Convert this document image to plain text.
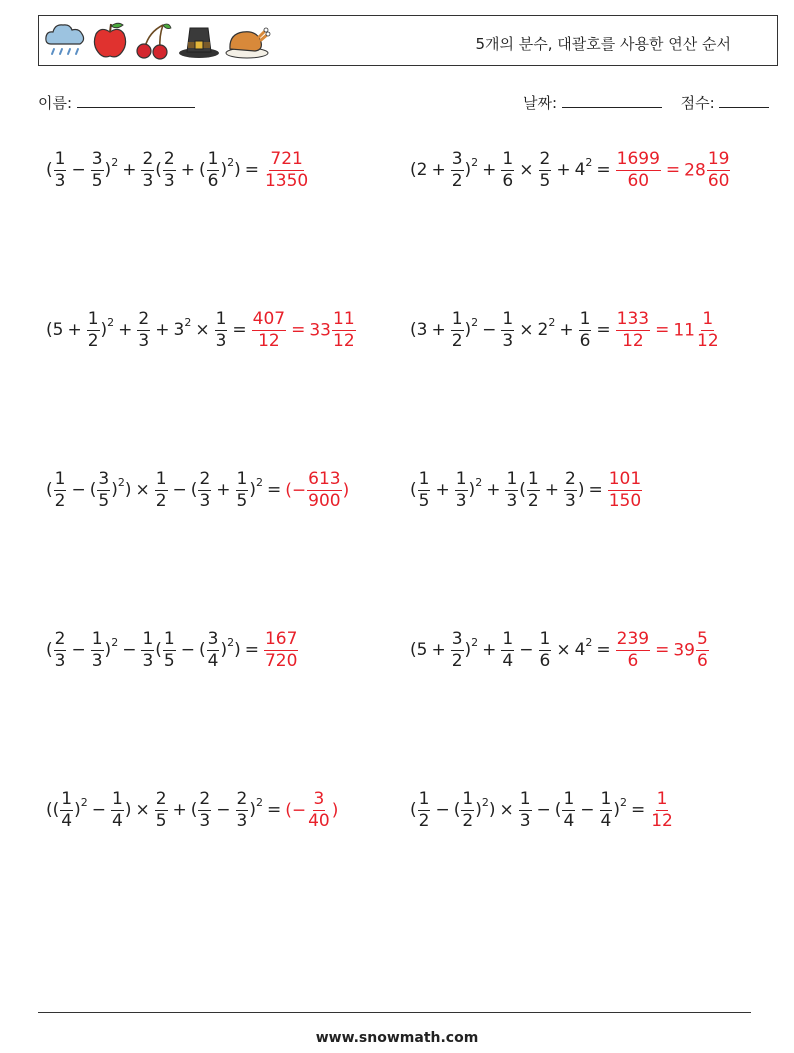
5개의 분수, 대괄호를 사용한 연산 순서
이름:	날짜:	점수:
( $\frac{1}{3} - \frac{3}{5} )^2 + \frac{2}{3}$ ( $\frac{2}{3}$ + ( $\frac{1}{6} )^2$ ) = $\frac{721}{1350}$	$(2 + \frac{3}{2} )^2 + \frac{1}{6} \times \frac{2}{5} + 4^2 = \frac{1699}{60} = 28 \frac{19}{60}$
$(5 + \frac{1}{2} )^2 + \frac{2}{3} + 3^2 \times \frac{1}{3} = \frac{407}{12} = 33 \frac{11}{12}$	$(3 + \frac{1}{2} )^2 - \frac{1}{3} \times 2^2 + \frac{1}{6} = \frac{133}{12} = 11 \frac{1}{12}$
( $\frac{1}{2}$ − ( $\frac{3}{5} )^2$ ) × $\frac{1}{2}$ − ( $\frac{2}{3} + \frac{1}{5} )^2$ = (− $\frac{613}{900}$ )	( $\frac{1}{5} + \frac{1}{3} )^2 + \frac{1}{3}$ ( $\frac{1}{2} + \frac{2}{3}$ ) = $\frac{101}{150}$
( $\frac{2}{3} - \frac{1}{3} )^2 - \frac{1}{3}$ ( $\frac{1}{5}$ − ( $\frac{3}{4} )^2$ ) = $\frac{167}{720}$	$(5 + \frac{3}{2} )^2 + \frac{1}{4} - \frac{1}{6} \times 4^2 = \frac{239}{6} = 39 \frac{5}{6}$
(( $\frac{1}{4} )^2 - \frac{1}{4}$ ) × $\frac{2}{5}$ + ( $\frac{2}{3} - \frac{2}{3} )^2$ = (− $\frac{3}{40}$ )	( $\frac{1}{2}$ − ( $\frac{1}{2} )^2$ ) × $\frac{1}{3}$ − ( $\frac{1}{4} - \frac{1}{4} )^2 = \frac{1}{12}$
www.snowmath.com
